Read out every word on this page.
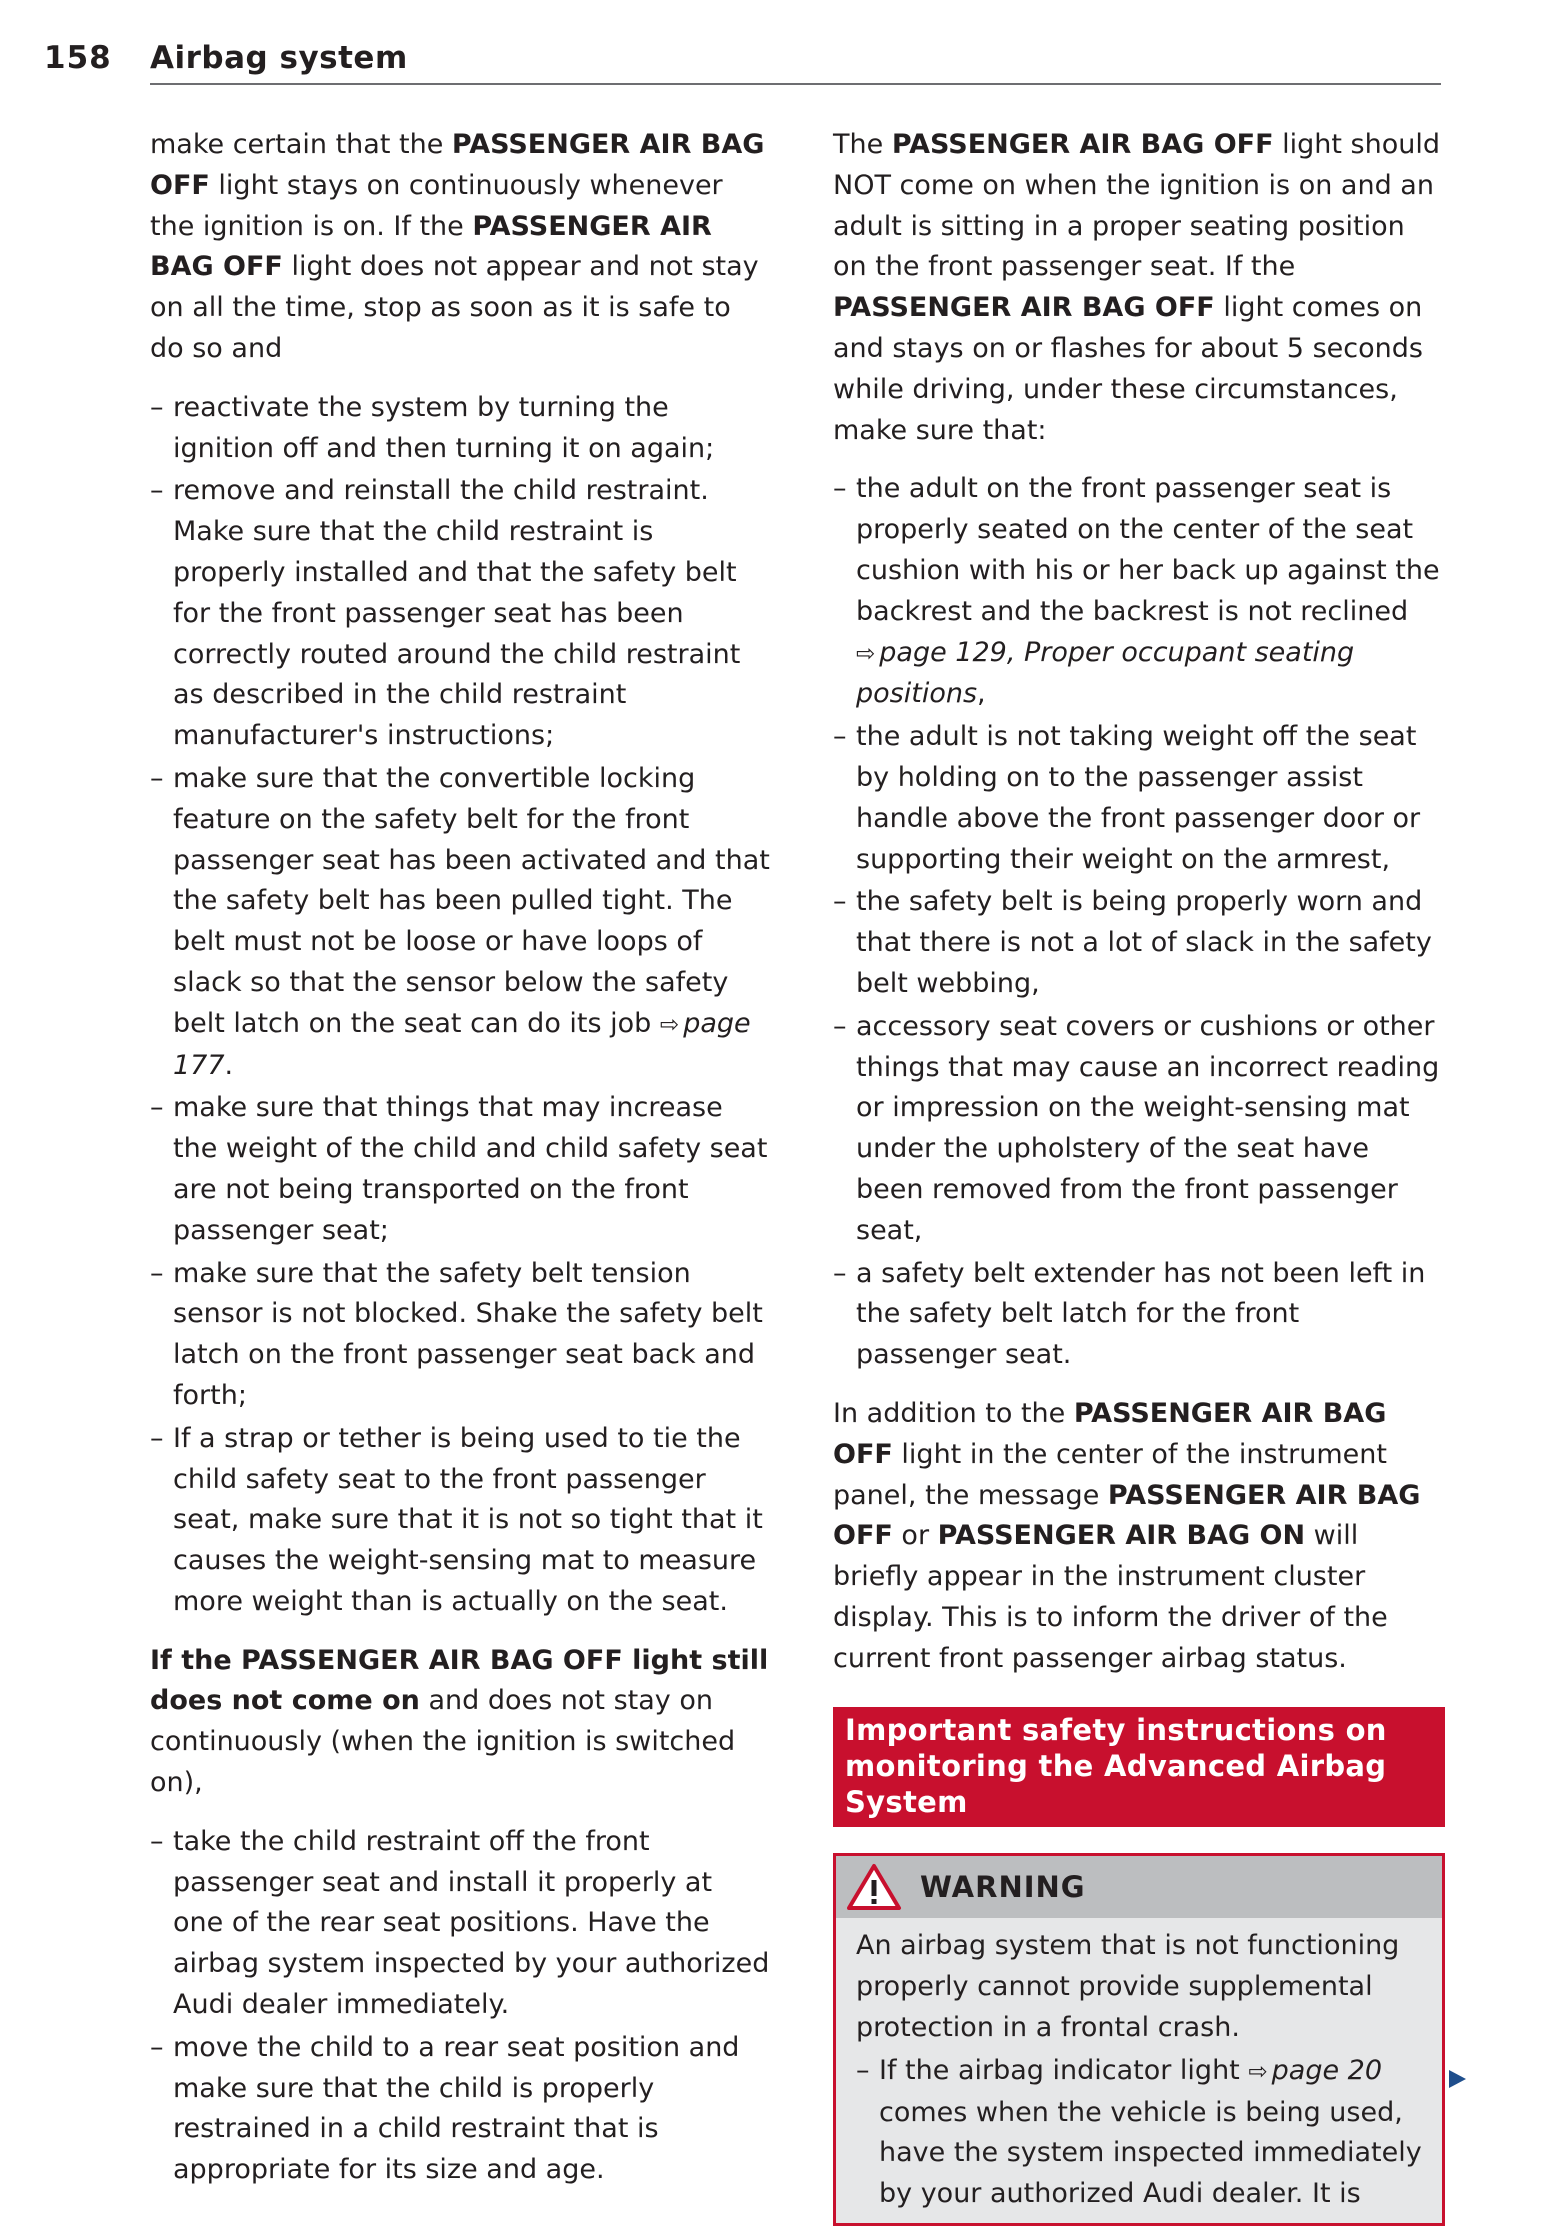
158 Airbag system

make certain that the PASSENGER AIR BAG OFF light stays on continuously whenever the ignition is on. If the PASSENGER AIR BAG OFF light does not appear and not stay on all the time, stop as soon as it is safe to do so and

– reactivate the system by turning the ignition off and then turning it on again;
– remove and reinstall the child restraint. Make sure that the child restraint is properly installed and that the safety belt for the front passenger seat has been correctly routed around the child restraint as described in the child restraint manufacturer's instructions;
– make sure that the convertible locking feature on the safety belt for the front passenger seat has been activated and that the safety belt has been pulled tight. The belt must not be loose or have loops of slack so that the sensor below the safety belt latch on the seat can do its job ⇨ page 177.
– make sure that things that may increase the weight of the child and child safety seat are not being transported on the front passenger seat;
– make sure that the safety belt tension sensor is not blocked. Shake the safety belt latch on the front passenger seat back and forth;
– If a strap or tether is being used to tie the child safety seat to the front passenger seat, make sure that it is not so tight that it causes the weight-sensing mat to measure more weight than is actually on the seat.

If the PASSENGER AIR BAG OFF light still does not come on and does not stay on continuously (when the ignition is switched on),

– take the child restraint off the front passenger seat and install it properly at one of the rear seat positions. Have the airbag system inspected by your authorized Audi dealer immediately.
– move the child to a rear seat position and make sure that the child is properly restrained in a child restraint that is appropriate for its size and age.

The PASSENGER AIR BAG OFF light should NOT come on when the ignition is on and an adult is sitting in a proper seating position on the front passenger seat. If the PASSENGER AIR BAG OFF light comes on and stays on or flashes for about 5 seconds while driving, under these circumstances, make sure that:

– the adult on the front passenger seat is properly seated on the center of the seat cushion with his or her back up against the backrest and the backrest is not reclined ⇨ page 129, Proper occupant seating positions,
– the adult is not taking weight off the seat by holding on to the passenger assist handle above the front passenger door or supporting their weight on the armrest,
– the safety belt is being properly worn and that there is not a lot of slack in the safety belt webbing,
– accessory seat covers or cushions or other things that may cause an incorrect reading or impression on the weight-sensing mat under the upholstery of the seat have been removed from the front passenger seat,
– a safety belt extender has not been left in the safety belt latch for the front passenger seat.

In addition to the PASSENGER AIR BAG OFF light in the center of the instrument panel, the message PASSENGER AIR BAG OFF or PASSENGER AIR BAG ON will briefly appear in the instrument cluster display. This is to inform the driver of the current front passenger airbag status.

Important safety instructions on monitoring the Advanced Airbag System
WARNING

An airbag system that is not functioning properly cannot provide supplemental protection in a frontal crash.

– If the airbag indicator light ⇨ page 20 comes when the vehicle is being used, have the system inspected immediately by your authorized Audi dealer. It is
